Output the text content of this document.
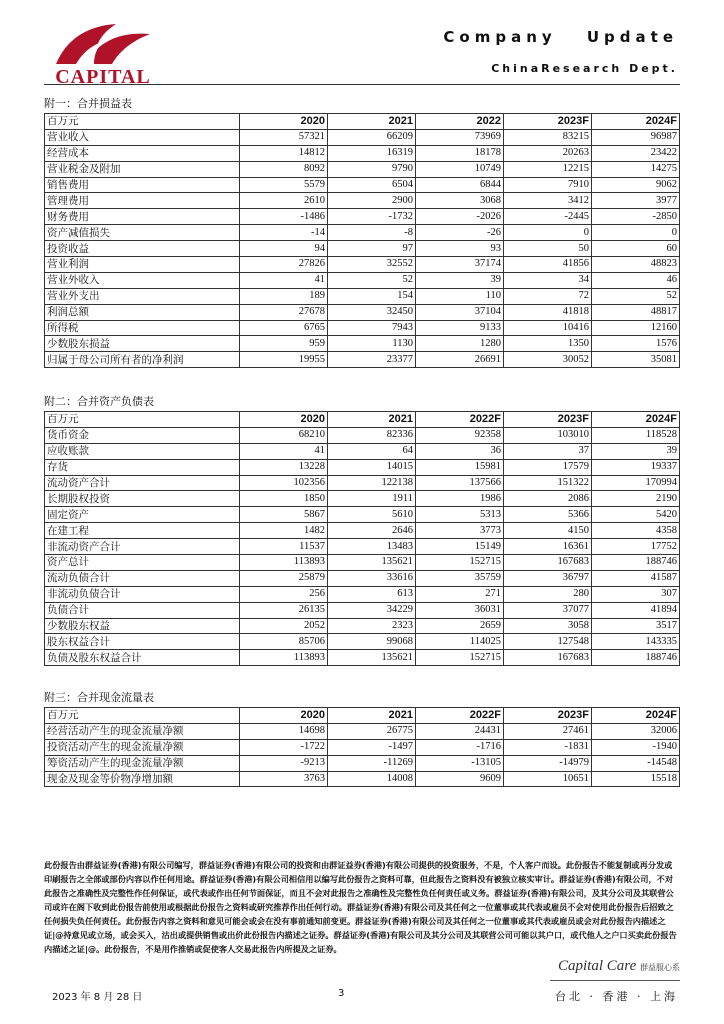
CAPITAL
Company Update
ChinaResearch Dept.
附一：合并损益表
百万元	2020	2021	2022	2023F	2024F
营业收入	57321	66209	73969	83215	96987
经营成本	14812	16319	18178	20263	23422
营业税金及附加	8092	9790	10749	12215	14275
销售费用	5579	6504	6844	7910	9062
管理费用	2610	2900	3068	3412	3977
财务费用	-1486	-1732	-2026	-2445	-2850
资产减值损失	-14	-8	-26	0	0
投资收益	94	97	93	50	60
营业利润	27826	32552	37174	41856	48823
营业外收入	41	52	39	34	46
营业外支出	189	154	110	72	52
利润总额	27678	32450	37104	41818	48817
所得税	6765	7943	9133	10416	12160
少数股东损益	959	1130	1280	1350	1576
归属于母公司所有者的净利润	19955	23377	26691	30052	35081
附二：合并资产负债表
百万元	2020	2021	2022F	2023F	2024F
货币资金	68210	82336	92358	103010	118528
应收账款	41	64	36	37	39
存货	13228	14015	15981	17579	19337
流动资产合计	102356	122138	137566	151322	170994
长期股权投资	1850	1911	1986	2086	2190
固定资产	5867	5610	5313	5366	5420
在建工程	1482	2646	3773	4150	4358
非流动资产合计	11537	13483	15149	16361	17752
资产总计	113893	135621	152715	167683	188746
流动负债合计	25879	33616	35759	36797	41587
非流动负债合计	256	613	271	280	307
负债合计	26135	34229	36031	37077	41894
少数股东权益	2052	2323	2659	3058	3517
股东权益合计	85706	99068	114025	127548	143335
负债及股东权益合计	113893	135621	152715	167683	188746
附三：合并现金流量表
百万元	2020	2021	2022F	2023F	2024F
经营活动产生的现金流量净额	14698	26775	24431	27461	32006
投资活动产生的现金流量净额	-1722	-1497	-1716	-1831	-1940
筹资活动产生的现金流量净额	-9213	-11269	-13105	-14979	-14548
现金及现金等价物净增加额	3763	14008	9609	10651	15518
此份报告由群益证券(香港)有限公司编写，群益证券(香港)有限公司的投资和由群证益券(香港)有限公司提供的投资服务，不是，个人客户而设。此份报告不能复制或再分发或印刷报告之全部或部份内容以作任何用途。群益证券(香港)有限公司相信用以编写此份报告之资料可靠，但此报告之资料没有被独立核实审计。群益证券(香港)有限公司，不对此报告之准确性及完整性作任何保证，或代表或作出任何节面保证，而且不会对此报告之准确性及完整性负任何责任或义务。群益证券(香港)有限公司，及其分公司及其联营公司或许在阁下收到此份报告前使用或根据此份报告之资料或研究推荐作出任何行动。群益证券(香港)有限公司及其任何之一位董事或其代表或雇员不会对使用此份报告后招致之任何损失负任何责任。此份报告内容之资料和意见可能会或会在没有事前通知前变更。群益证券(香港)有限公司及其任何之一位董事或其代表或雇员或会对此份报告内描述之证|@持意见或立场，或会买入，沽出或提供销售或出价此份报告内描述之证券。群益证券(香港)有限公司及其分公司及其联营公司可能以其户口，或代他人之户口买卖此份报告内描述之证|@。此份报告，不是用作推销或促使客人交易此报告内所提及之证券。
2023 年 8 月 28 日	3
Capital Care 群益服心系
台北 · 香港 · 上海
